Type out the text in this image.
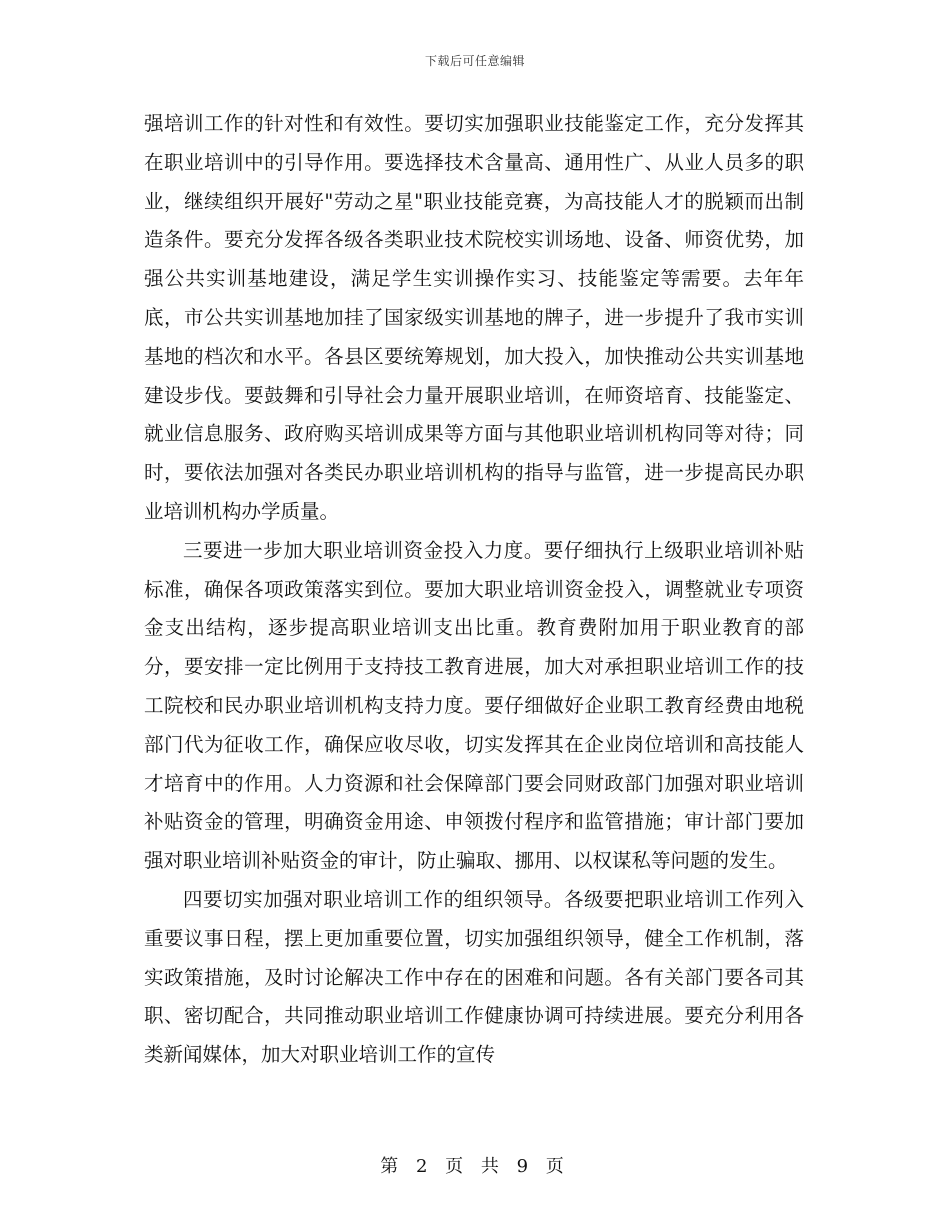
下载后可任意编辑

强培训工作的针对性和有效性。要切实加强职业技能鉴定工作，充分发挥其在职业培训中的引导作用。要选择技术含量高、通用性广、从业人员多的职业，继续组织开展好"劳动之星"职业技能竞赛，为高技能人才的脱颖而出制造条件。要充分发挥各级各类职业技术院校实训场地、设备、师资优势，加强公共实训基地建设，满足学生实训操作实习、技能鉴定等需要。去年年底，市公共实训基地加挂了国家级实训基地的牌子，进一步提升了我市实训基地的档次和水平。各县区要统筹规划，加大投入，加快推动公共实训基地建设步伐。要鼓舞和引导社会力量开展职业培训，在师资培育、技能鉴定、就业信息服务、政府购买培训成果等方面与其他职业培训机构同等对待；同时，要依法加强对各类民办职业培训机构的指导与监管，进一步提高民办职业培训机构办学质量。

三要进一步加大职业培训资金投入力度。要仔细执行上级职业培训补贴标准，确保各项政策落实到位。要加大职业培训资金投入，调整就业专项资金支出结构，逐步提高职业培训支出比重。教育费附加用于职业教育的部分，要安排一定比例用于支持技工教育进展，加大对承担职业培训工作的技工院校和民办职业培训机构支持力度。要仔细做好企业职工教育经费由地税部门代为征收工作，确保应收尽收，切实发挥其在企业岗位培训和高技能人才培育中的作用。人力资源和社会保障部门要会同财政部门加强对职业培训补贴资金的管理，明确资金用途、申领拨付程序和监管措施；审计部门要加强对职业培训补贴资金的审计，防止骗取、挪用、以权谋私等问题的发生。

四要切实加强对职业培训工作的组织领导。各级要把职业培训工作列入重要议事日程，摆上更加重要位置，切实加强组织领导，健全工作机制，落实政策措施，及时讨论解决工作中存在的困难和问题。各有关部门要各司其职、密切配合，共同推动职业培训工作健康协调可持续进展。要充分利用各类新闻媒体，加大对职业培训工作的宣传

第 2 页 共 9 页
